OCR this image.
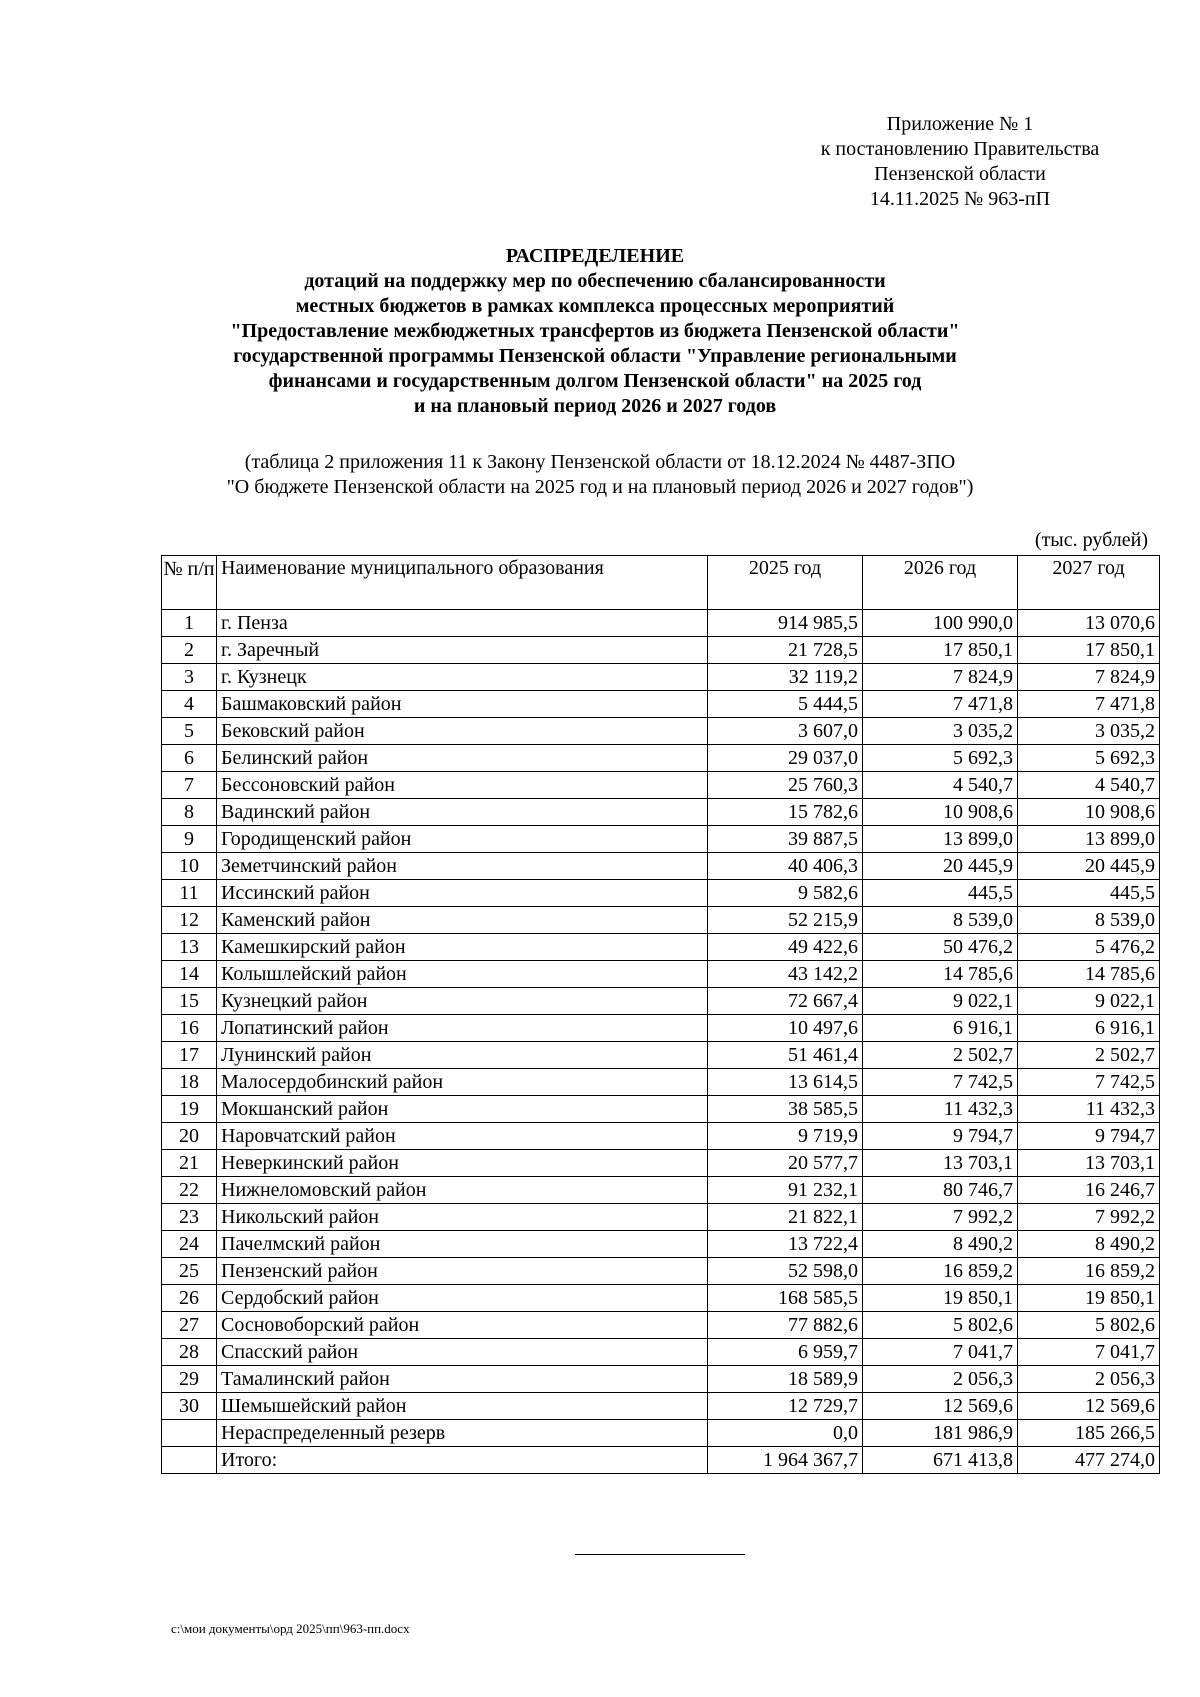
Приложение № 1
к постановлению Правительства
Пензенской области
14.11.2025 № 963-пП
РАСПРЕДЕЛЕНИЕ
дотаций на поддержку мер по обеспечению сбалансированности
местных бюджетов в рамках комплекса процессных мероприятий
"Предоставление межбюджетных трансфертов из бюджета Пензенской области"
государственной программы Пензенской области "Управление региональными
финансами и государственным долгом Пензенской области" на 2025 год
и на плановый период 2026 и 2027 годов
(таблица 2 приложения 11 к Закону Пензенской области от 18.12.2024 № 4487-ЗПО
"О бюджете Пензенской области на 2025 год и на плановый период 2026 и 2027 годов")
(тыс. рублей)
№ п/п	Наименование муниципального образования	2025 год	2026 год	2027 год
1	г. Пенза	914 985,5	100 990,0	13 070,6
2	г. Заречный	21 728,5	17 850,1	17 850,1
3	г. Кузнецк	32 119,2	7 824,9	7 824,9
4	Башмаковский район	5 444,5	7 471,8	7 471,8
5	Бековский район	3 607,0	3 035,2	3 035,2
6	Белинский район	29 037,0	5 692,3	5 692,3
7	Бессоновский район	25 760,3	4 540,7	4 540,7
8	Вадинский район	15 782,6	10 908,6	10 908,6
9	Городищенский район	39 887,5	13 899,0	13 899,0
10	Земетчинский район	40 406,3	20 445,9	20 445,9
11	Иссинский район	9 582,6	445,5	445,5
12	Каменский район	52 215,9	8 539,0	8 539,0
13	Камешкирский район	49 422,6	50 476,2	5 476,2
14	Колышлейский район	43 142,2	14 785,6	14 785,6
15	Кузнецкий район	72 667,4	9 022,1	9 022,1
16	Лопатинский район	10 497,6	6 916,1	6 916,1
17	Лунинский район	51 461,4	2 502,7	2 502,7
18	Малосердобинский район	13 614,5	7 742,5	7 742,5
19	Мокшанский район	38 585,5	11 432,3	11 432,3
20	Наровчатский район	9 719,9	9 794,7	9 794,7
21	Неверкинский район	20 577,7	13 703,1	13 703,1
22	Нижнеломовский район	91 232,1	80 746,7	16 246,7
23	Никольский район	21 822,1	7 992,2	7 992,2
24	Пачелмский район	13 722,4	8 490,2	8 490,2
25	Пензенский район	52 598,0	16 859,2	16 859,2
26	Сердобский район	168 585,5	19 850,1	19 850,1
27	Сосновоборский район	77 882,6	5 802,6	5 802,6
28	Спасский район	6 959,7	7 041,7	7 041,7
29	Тамалинский район	18 589,9	2 056,3	2 056,3
30	Шемышейский район	12 729,7	12 569,6	12 569,6
	Нераспределенный резерв	0,0	181 986,9	185 266,5
	Итого:	1 964 367,7	671 413,8	477 274,0
c:\мои документы\орд 2025\пп\963-пп.docx
